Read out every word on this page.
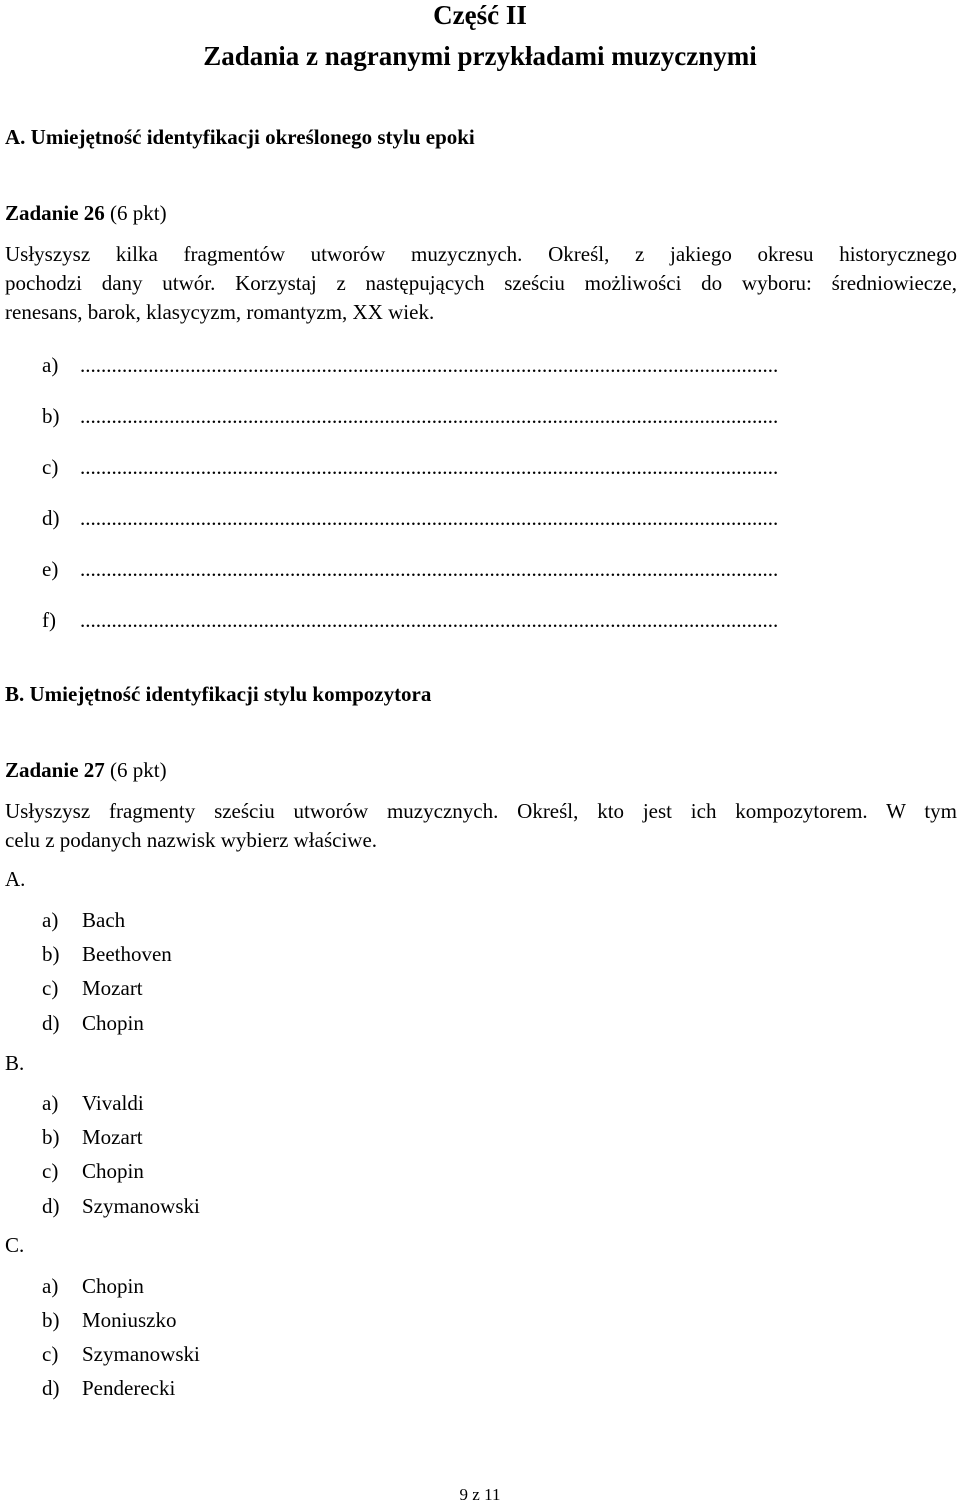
Część II
Zadania z nagranymi przykładami muzycznymi
A. Umiejętność identyfikacji określonego stylu epoki
Zadanie 26 (6 pkt)
Usłyszysz kilka fragmentów utworów muzycznych. Określ, z jakiego okresu historycznego
pochodzi dany utwór. Korzystaj z następujących sześciu możliwości do wyboru: średniowiecze,
renesans, barok, klasycyzm, romantyzm, XX wiek.
a) .....................................................................................................................................
b) .....................................................................................................................................
c) .....................................................................................................................................
d) .....................................................................................................................................
e) .....................................................................................................................................
f) .....................................................................................................................................
B. Umiejętność identyfikacji stylu kompozytora
Zadanie 27 (6 pkt)
Usłyszysz fragmenty sześciu utworów muzycznych. Określ, kto jest ich kompozytorem. W tym
celu z podanych nazwisk wybierz właściwe.
A.
a) Bach
b) Beethoven
c) Mozart
d) Chopin
B.
a) Vivaldi
b) Mozart
c) Chopin
d) Szymanowski
C.
a) Chopin
b) Moniuszko
c) Szymanowski
d) Penderecki
9 z 11
